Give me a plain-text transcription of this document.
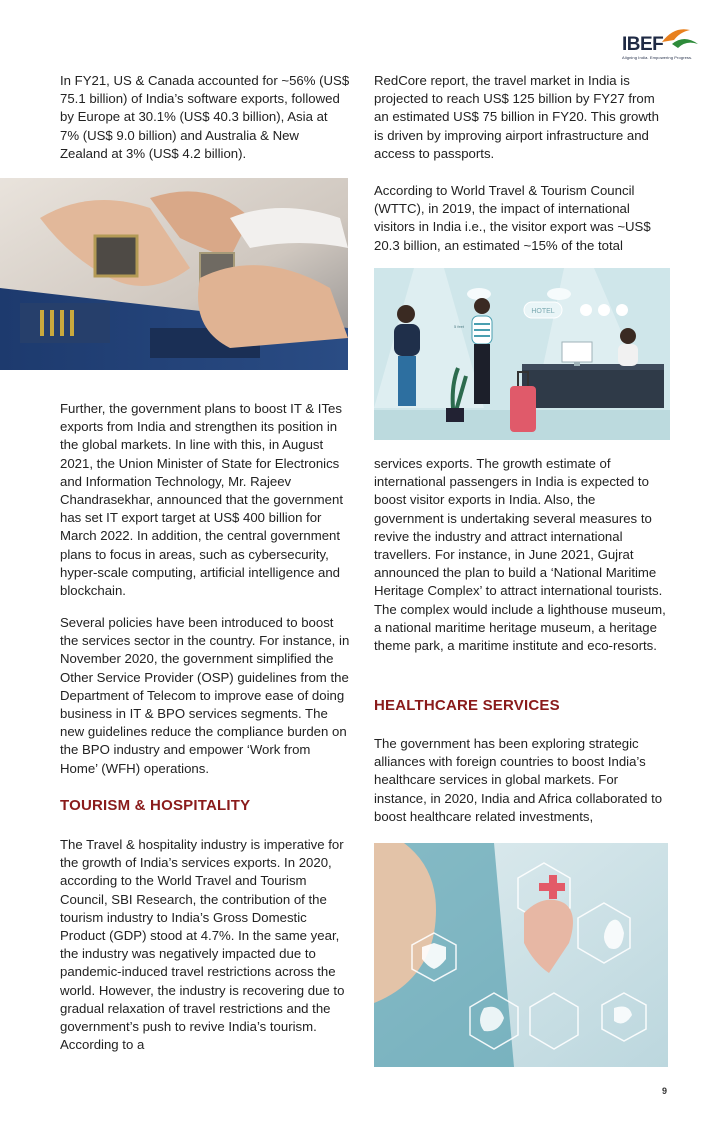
IBEF
Aligning India. Empowering Progress.

In FY21, US & Canada accounted for ~56% (US$ 75.1 billion) of India’s software exports, followed by Europe at 30.1% (US$ 40.3 billion), Asia at 7% (US$ 9.0 billion) and Australia & New Zealand at 3% (US$ 4.2 billion).

Further, the government plans to boost IT & ITes exports from India and strengthen its position in the global markets. In line with this, in August 2021, the Union Minister of State for Electronics and Information Technology, Mr. Rajeev Chandrasekhar, announced that the government has set IT export target at US$ 400 billion for March 2022. In addition, the central government plans to focus in areas, such as cybersecurity, hyper-scale computing, artificial intelligence and blockchain.

Several policies have been introduced to boost the services sector in the country. For instance, in November 2020, the government simplified the Other Service Provider (OSP) guidelines from the Department of Telecom to improve ease of doing business in IT & BPO services segments. The new guidelines reduce the compliance burden on the BPO industry and empower ‘Work from Home’ (WFH) operations.

TOURISM & HOSPITALITY

The Travel & hospitality industry is imperative for the growth of India’s services exports. In 2020, according to the World Travel and Tourism Council, SBI Research, the contribution of the tourism industry to India’s Gross Domestic Product (GDP) stood at 4.7%. In the same year, the industry was negatively impacted due to pandemic-induced travel restrictions across the world. However, the industry is recovering due to gradual relaxation of travel restrictions and the government’s push to revive India’s tourism. According to a

RedCore report, the travel market in India is projected to reach US$ 125 billion by FY27 from an estimated US$ 75 billion in FY20. This growth is driven by improving airport infrastructure and access to passports.

According to World Travel & Tourism Council (WTTC), in 2019, the impact of international visitors in India i.e., the visitor export was ~US$ 20.3 billion, an estimated ~15% of the total

HOTEL
5 feet

services exports. The growth estimate of international passengers in India is expected to boost visitor exports in India. Also, the government is undertaking several measures to revive the industry and attract international travellers. For instance, in June 2021, Gujrat announced the plan to build a ‘National Maritime Heritage Complex’ to attract international tourists. The complex would include a lighthouse museum, a national maritime heritage museum, a heritage theme park, a maritime institute and eco-resorts.

HEALTHCARE SERVICES

The government has been exploring strategic alliances with foreign countries to boost India’s healthcare services in global markets. For instance, in 2020, India and Africa collaborated to boost healthcare related investments,

9
